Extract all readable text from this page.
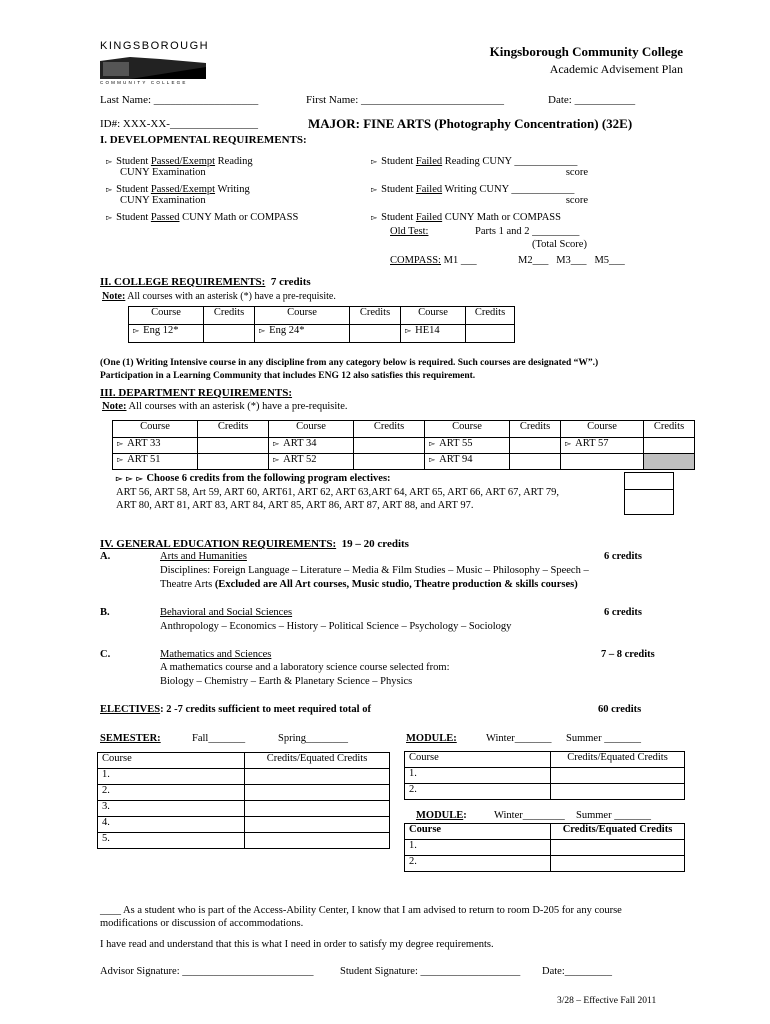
KINGSBOROUGH
COMMUNITY COLLEGE
Kingsborough Community College
Academic Advisement Plan
Last Name: ___________________	First Name: __________________________	Date: ___________
ID#: XXX-XX-________________	MAJOR: FINE ARTS (Photography Concentration) (32E)
I. DEVELOPMENTAL REQUIREMENTS:
▻ Student Passed/Exempt Reading
CUNY Examination
▻ Student Passed/Exempt Writing
CUNY Examination
▻ Student Passed CUNY Math or COMPASS
▻ Student Failed Reading CUNY ____________
score
▻ Student Failed Writing CUNY ____________
score
▻ Student Failed CUNY Math or COMPASS
Old Test:	Parts 1 and 2 _________
(Total Score)
COMPASS: M1 ___	M2___ M3___ M5___
II. COLLEGE REQUIREMENTS: 7 credits
Note: All courses with an asterisk (*) have a pre-requisite.
Course	Credits	Course	Credits	Course	Credits
▻ Eng 12*		▻ Eng 24*		▻ HE14	
(One (1) Writing Intensive course in any discipline from any category below is required. Such courses are designated “W”.)
Participation in a Learning Community that includes ENG 12 also satisfies this requirement.
III. DEPARTMENT REQUIREMENTS:
Note: All courses with an asterisk (*) have a pre-requisite.
Course	Credits	Course	Credits	Course	Credits	Course	Credits
▻ ART 33		▻ ART 34		▻ ART 55		▻ ART 57	
▻ ART 51		▻ ART 52		▻ ART 94			
▻ ▻ ▻ Choose 6 credits from the following program electives:
ART 56, ART 58, Art 59, ART 60, ART61, ART 62, ART 63,ART 64, ART 65, ART 66, ART 67, ART 79,
ART 80, ART 81, ART 83, ART 84, ART 85, ART 86, ART 87, ART 88, and ART 97.
IV. GENERAL EDUCATION REQUIREMENTS: 19 – 20 credits
A.	Arts and Humanities	6 credits
Disciplines: Foreign Language – Literature – Media & Film Studies – Music – Philosophy – Speech –
Theatre Arts (Excluded are All Art courses, Music studio, Theatre production & skills courses)
B.	Behavioral and Social Sciences	6 credits
Anthropology – Economics – History – Political Science – Psychology – Sociology
C.	Mathematics and Sciences	7 – 8 credits
A mathematics course and a laboratory science course selected from:
Biology – Chemistry – Earth & Planetary Science – Physics
ELECTIVES: 2 -7 credits sufficient to meet required total of	60 credits
SEMESTER:	Fall_______	Spring________
Course	Credits/Equated Credits
1.	
2.	
3.	
4.	
5.	
MODULE:	Winter_______ Summer _______
Course	Credits/Equated Credits
1.	
2.	
MODULE:	Winter________ Summer _______
Course	Credits/Equated Credits
1.	
2.	
____ As a student who is part of the Access-Ability Center, I know that I am advised to return to room D-205 for any course
modifications or discussion of accommodations.
I have read and understand that this is what I need in order to satisfy my degree requirements.
Advisor Signature: _________________________	Student Signature: ___________________ Date:_________
3/28 – Effective Fall 2011
